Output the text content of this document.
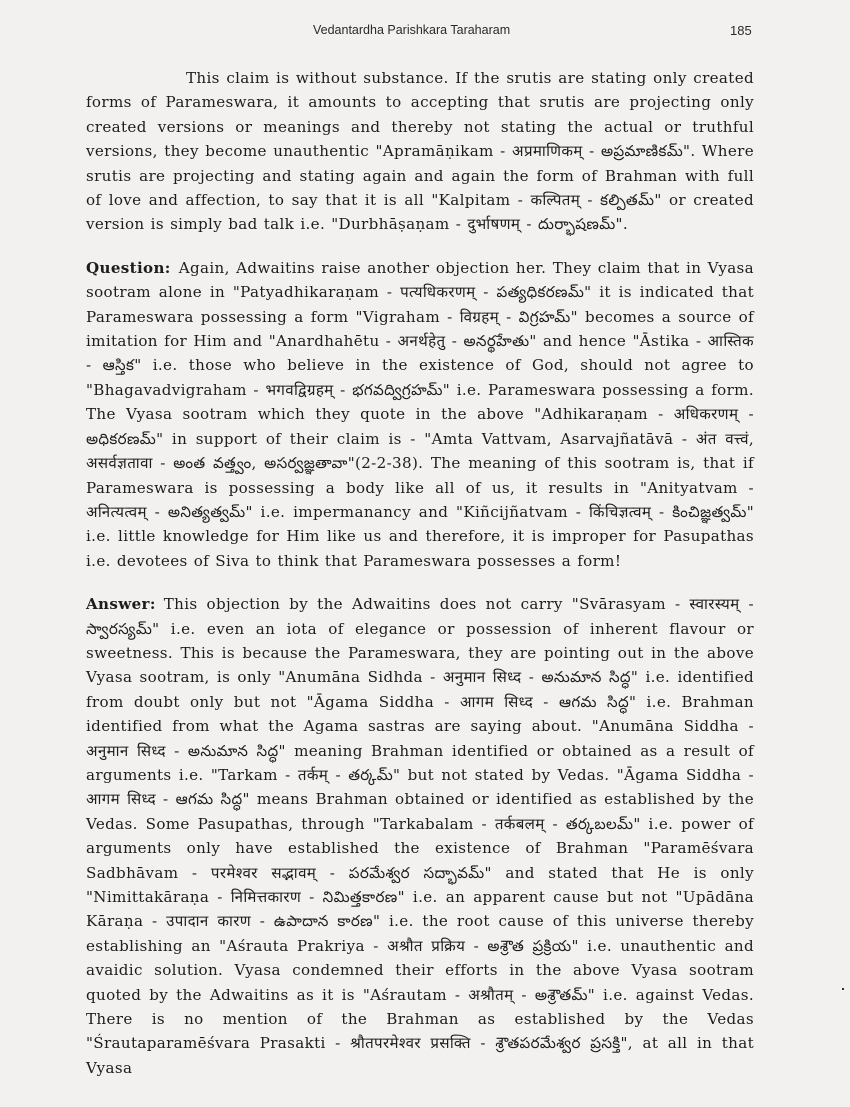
Vedantardha Parishkara Taraharam	185

This claim is without substance. If the srutis are stating only created forms of Parameswara, it amounts to accepting that srutis are projecting only created versions or meanings and thereby not stating the actual or truthful versions, they become unauthentic "Apramāṇikam - अप्रमाणिकम् - అప్రమాణికమ్". Where srutis are projecting and stating again and again the form of Brahman with full of love and affection, to say that it is all "Kalpitam - कल्पितम् - కల్పితమ్" or created version is simply bad talk i.e. "Durbhāṣaṇam - दुर्भाषणम् - దుర్భాషణమ్".

Question: Again, Adwaitins raise another objection her. They claim that in Vyasa sootram alone in "Patyadhikaraṇam - पत्यधिकरणम् - పత్యధికరణమ్" it is indicated that Parameswara possessing a form "Vigraham - विग्रहम् - విగ్రహమ్" becomes a source of imitation for Him and "Anardhahētu - अनर्थहेतु - అనర్థహేతు" and hence "Āstika - आस्तिक - ఆస్తిక" i.e. those who believe in the existence of God, should not agree to "Bhagavadvigraham - भगवद्विग्रहम् - భగవద్విగ్రహమ్" i.e. Parameswara possessing a form. The Vyasa sootram which they quote in the above "Adhikaraṇam - अधिकरणम् - అధికరణమ్" in support of their claim is - "Amta Vattvam, Asarvajñatāvā - अंत वत्त्वं, असर्वज्ञतावा - అంత వత్త్వం, అసర్వజ్ఞతావా"(2-2-38). The meaning of this sootram is, that if Parameswara is possessing a body like all of us, it results in "Anityatvam - अनित्यत्वम् - అనిత్యత్వమ్" i.e. impermanancy and "Kiñcijñatvam - किंचिज्ञत्वम् - కించిజ్ఞత్వమ్" i.e. little knowledge for Him like us and therefore, it is improper for Pasupathas i.e. devotees of Siva to think that Parameswara possesses a form!

Answer: This objection by the Adwaitins does not carry "Svārasyam - स्वारस्यम् - స్వారస్యమ్" i.e. even an iota of elegance or possession of inherent flavour or sweetness. This is because the Parameswara, they are pointing out in the above Vyasa sootram, is only "Anumāna Sidhda - अनुमान सिध्द - అనుమాన సిద్ధ" i.e. identified from doubt only but not "Āgama Siddha - आगम सिध्द - ఆగమ సిద్ధ" i.e. Brahman identified from what the Agama sastras are saying about. "Anumāna Siddha - अनुमान सिध्द - అనుమాన సిద్ధ" meaning Brahman identified or obtained as a result of arguments i.e. "Tarkam - तर्कम् - తర్కమ్" but not stated by Vedas. "Āgama Siddha - आगम सिध्द - ఆగమ సిద్ధ" means Brahman obtained or identified as established by the Vedas. Some Pasupathas, through "Tarkabalam - तर्कबलम् - తర్కబలమ్" i.e. power of arguments only have established the existence of Brahman "Paramēśvara Sadbhāvam - परमेश्वर सद्भावम् - పరమేశ్వర సద్భావమ్" and stated that He is only "Nimittakāraṇa - निमित्तकारण - నిమిత్తకారణ" i.e. an apparent cause but not "Upādāna Kāraṇa - उपादान कारण - ఉపాదాన కారణ" i.e. the root cause of this universe thereby establishing an "Aśrauta Prakriya - अश्रौत प्रक्रिय - అశ్రౌత ప్రక్రియ" i.e. unauthentic and avaidic solution. Vyasa condemned their efforts in the above Vyasa sootram quoted by the Adwaitins as it is "Aśrautam - अश्रौतम् - అశ్రౌతమ్" i.e. against Vedas. There is no mention of the Brahman as established by the Vedas "Śrautaparamēśvara Prasakti - श्रौतपरमेश्वर प्रसक्ति - శ్రౌతపరమేశ్వర ప్రసక్తి", at all in that Vyasa
